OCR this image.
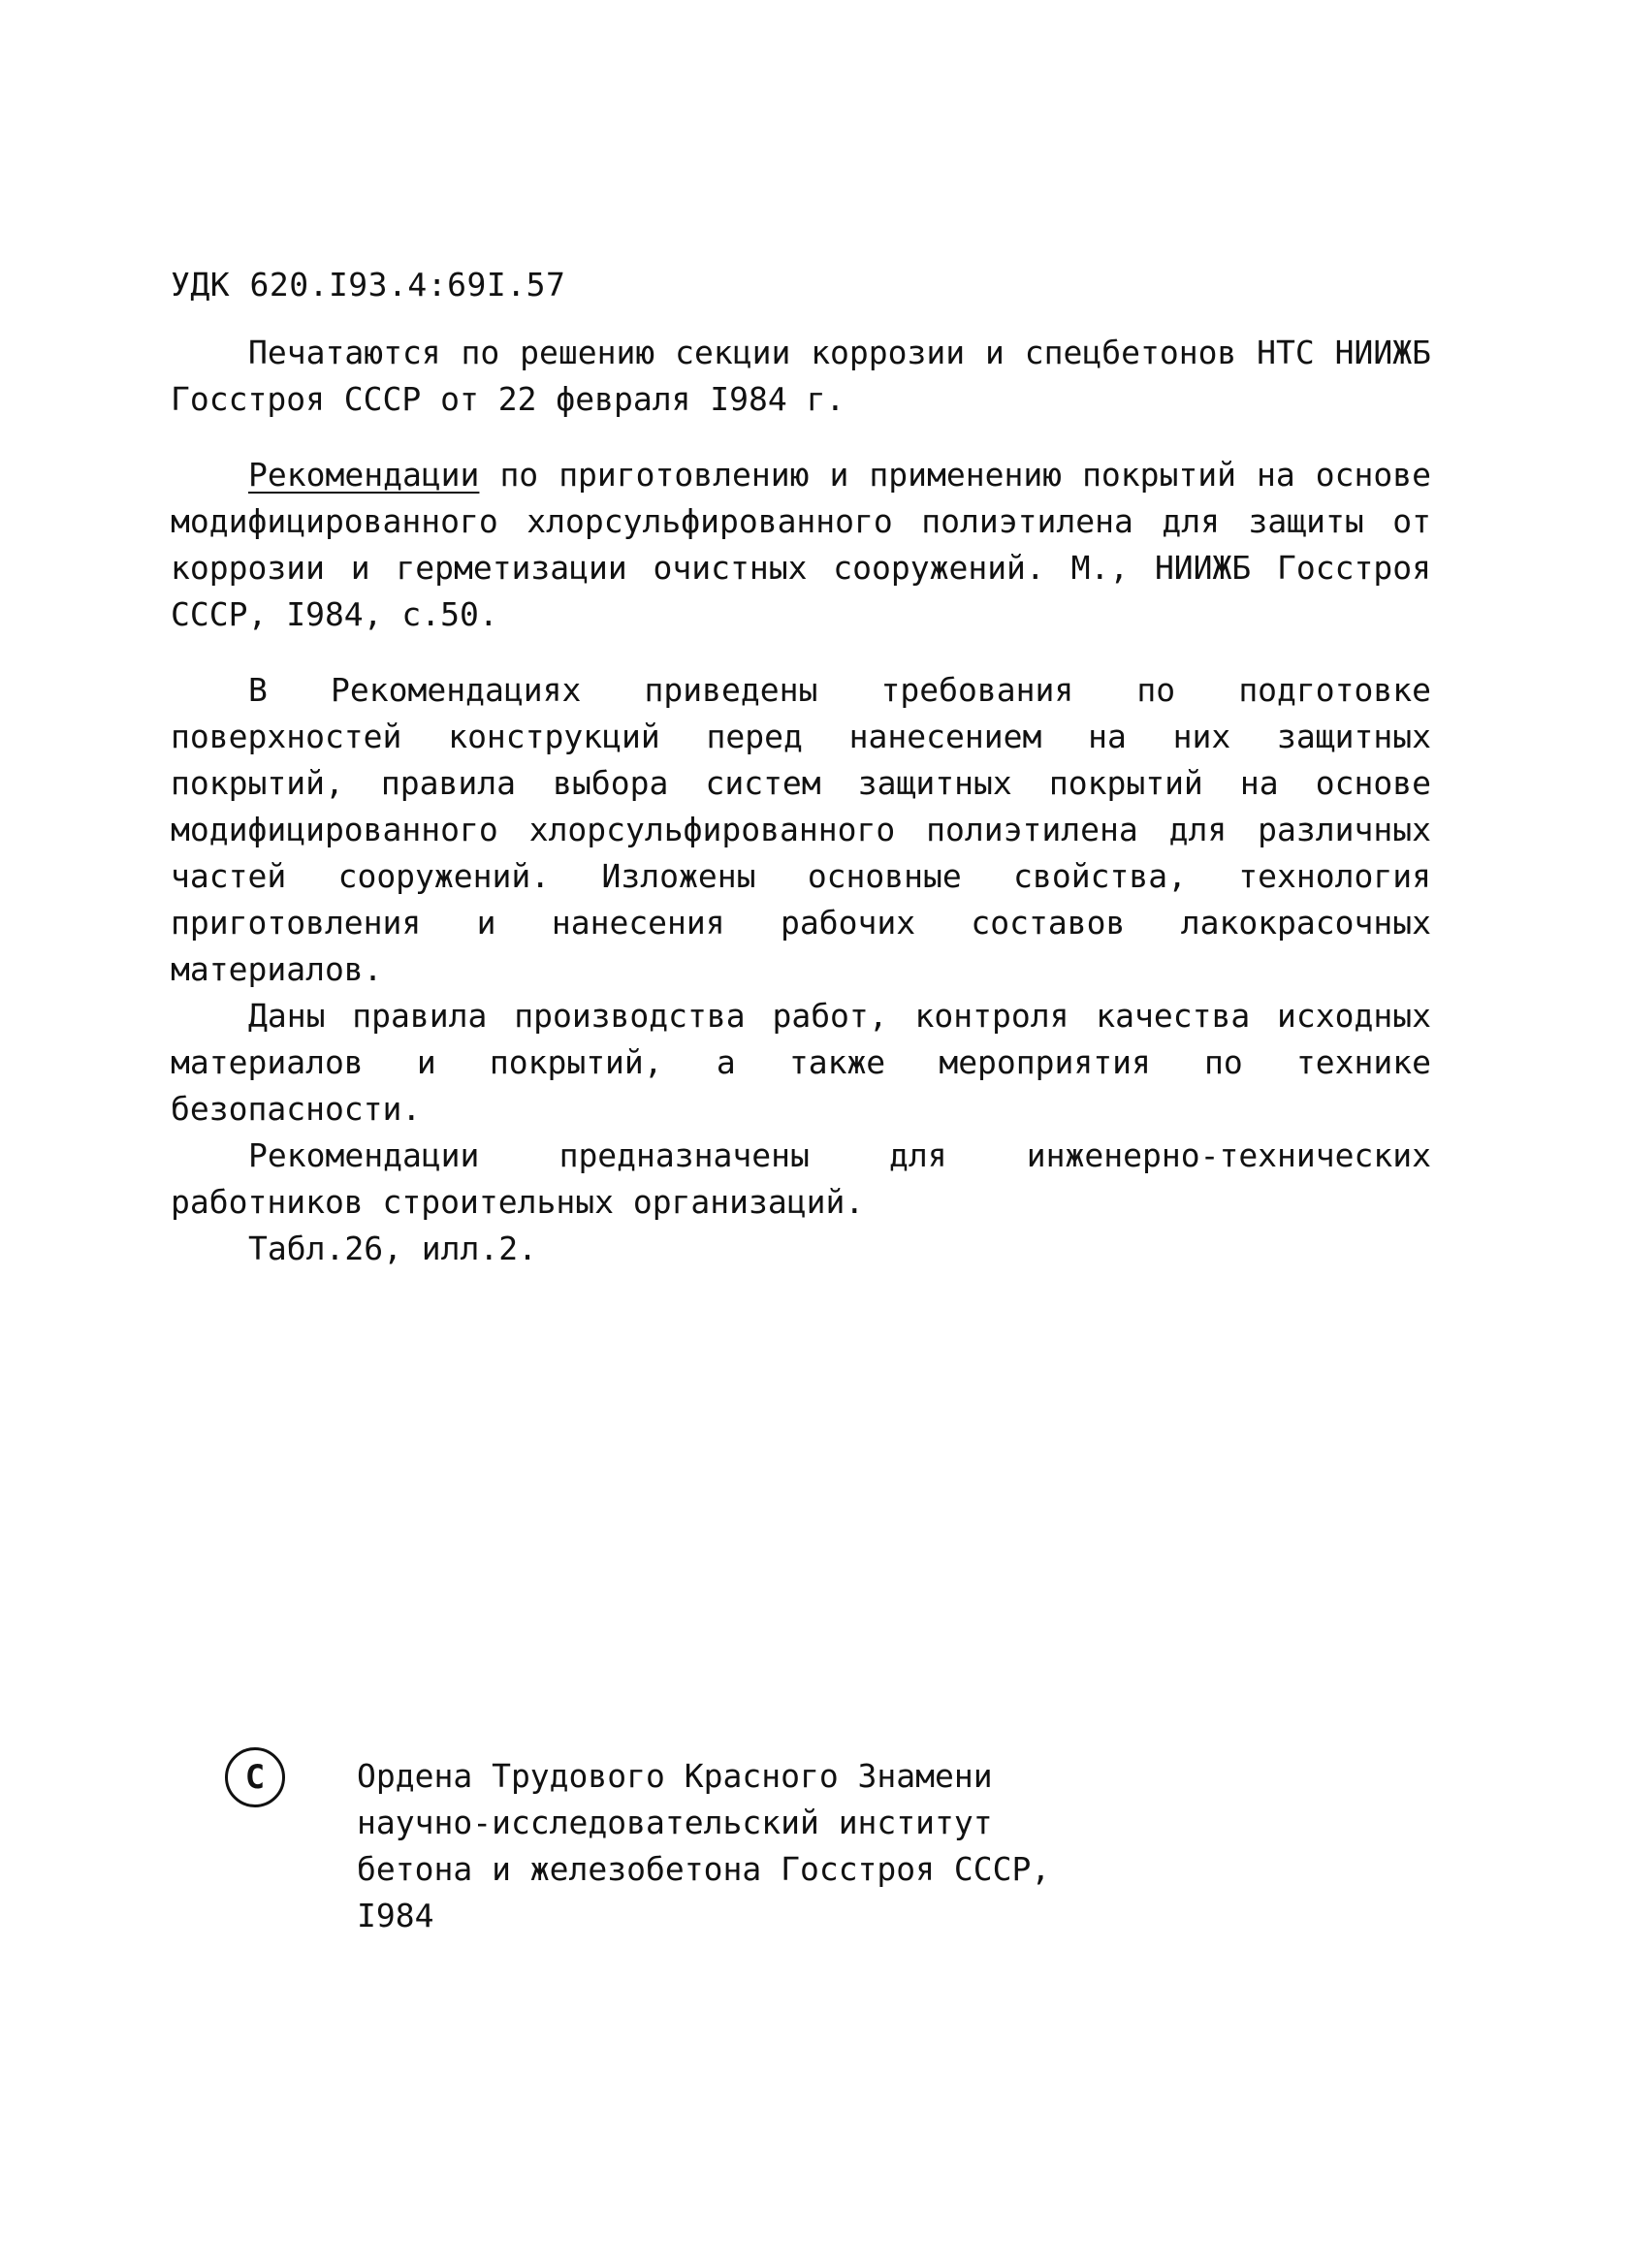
УДК 620.I93.4:69I.57

Печатаются по решению секции коррозии и спецбетонов НТС НИИЖБ Госстроя СССР от 22 февраля I984 г.

Рекомендации по приготовлению и применению покрытий на основе модифицированного хлорсульфированного полиэтилена для защиты от коррозии и герметизации очистных сооружений. М., НИИЖБ Госстроя СССР, I984, с.50.

В Рекомендациях приведены требования по подготовке поверхностей конструкций перед нанесением на них защитных покрытий, правила выбора систем защитных покрытий на основе модифицированного хлорсульфированного полиэтилена для различных частей сооружений. Изложены основные свойства, технология приготовления и нанесения рабочих составов лакокрасочных материалов.

Даны правила производства работ, контроля качества исходных материалов и покрытий, а также мероприятия по технике безопасности.

Рекомендации предназначены для инженерно-технических работников строительных организаций.

Табл.26, илл.2.

C	Ордена Трудового Красного Знамени
научно-исследовательский институт
бетона и железобетона Госстроя СССР,
I984
